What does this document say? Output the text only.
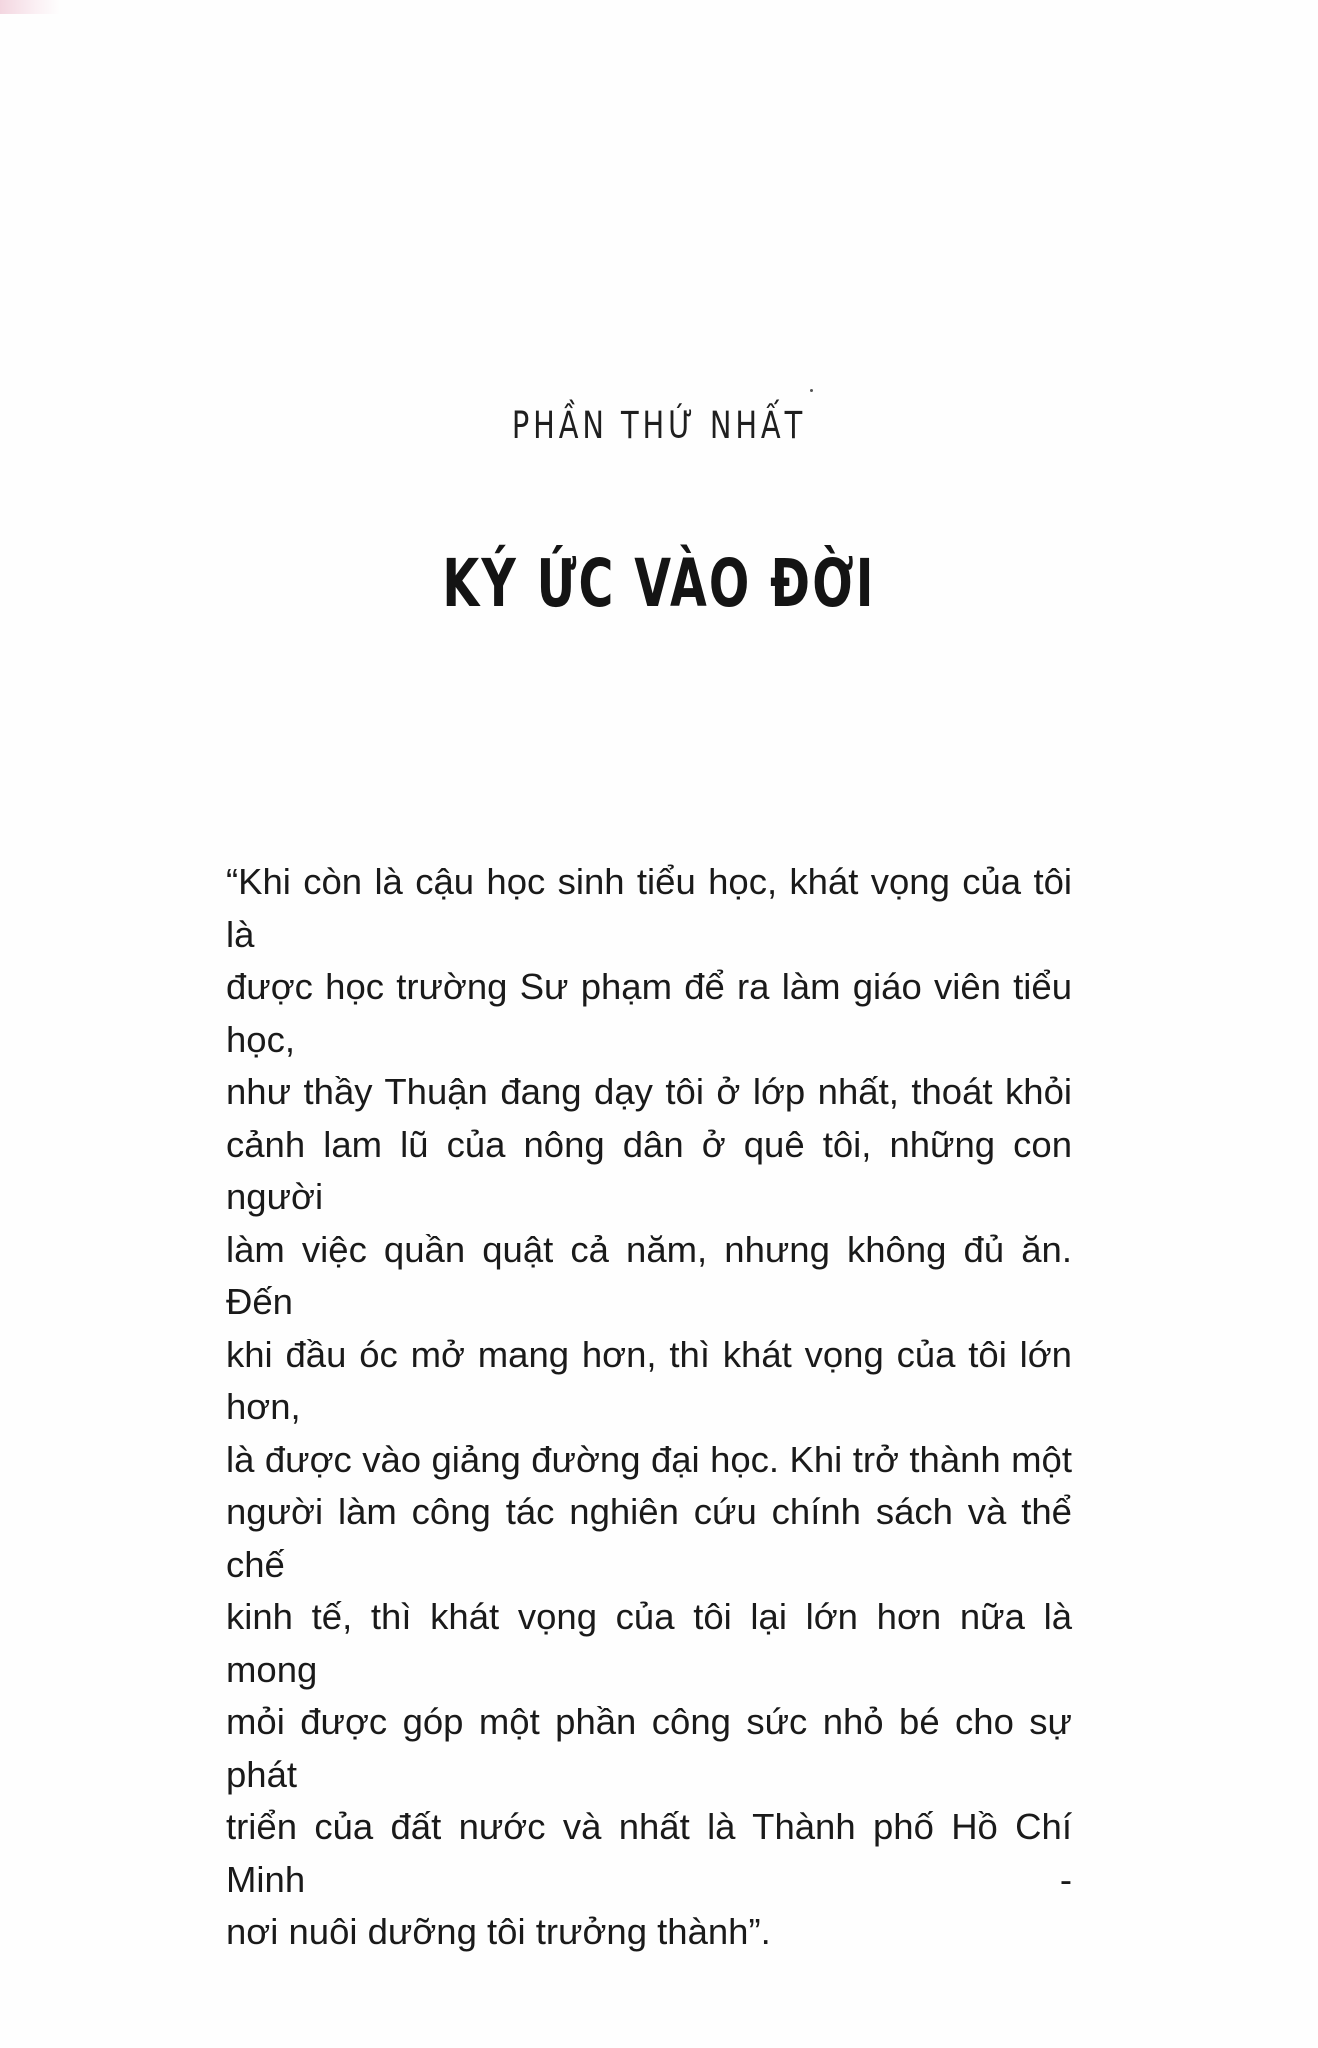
PHẦN THỨ NHẤT
KÝ ỨC VÀO ĐỜI

“Khi còn là cậu học sinh tiểu học, khát vọng của tôi là
được học trường Sư phạm để ra làm giáo viên tiểu học,
như thầy Thuận đang dạy tôi ở lớp nhất, thoát khỏi
cảnh lam lũ của nông dân ở quê tôi, những con người
làm việc quần quật cả năm, nhưng không đủ ăn. Đến
khi đầu óc mở mang hơn, thì khát vọng của tôi lớn hơn,
là được vào giảng đường đại học. Khi trở thành một
người làm công tác nghiên cứu chính sách và thể chế
kinh tế, thì khát vọng của tôi lại lớn hơn nữa là mong
mỏi được góp một phần công sức nhỏ bé cho sự phát
triển của đất nước và nhất là Thành phố Hồ Chí Minh -
nơi nuôi dưỡng tôi trưởng thành”.
